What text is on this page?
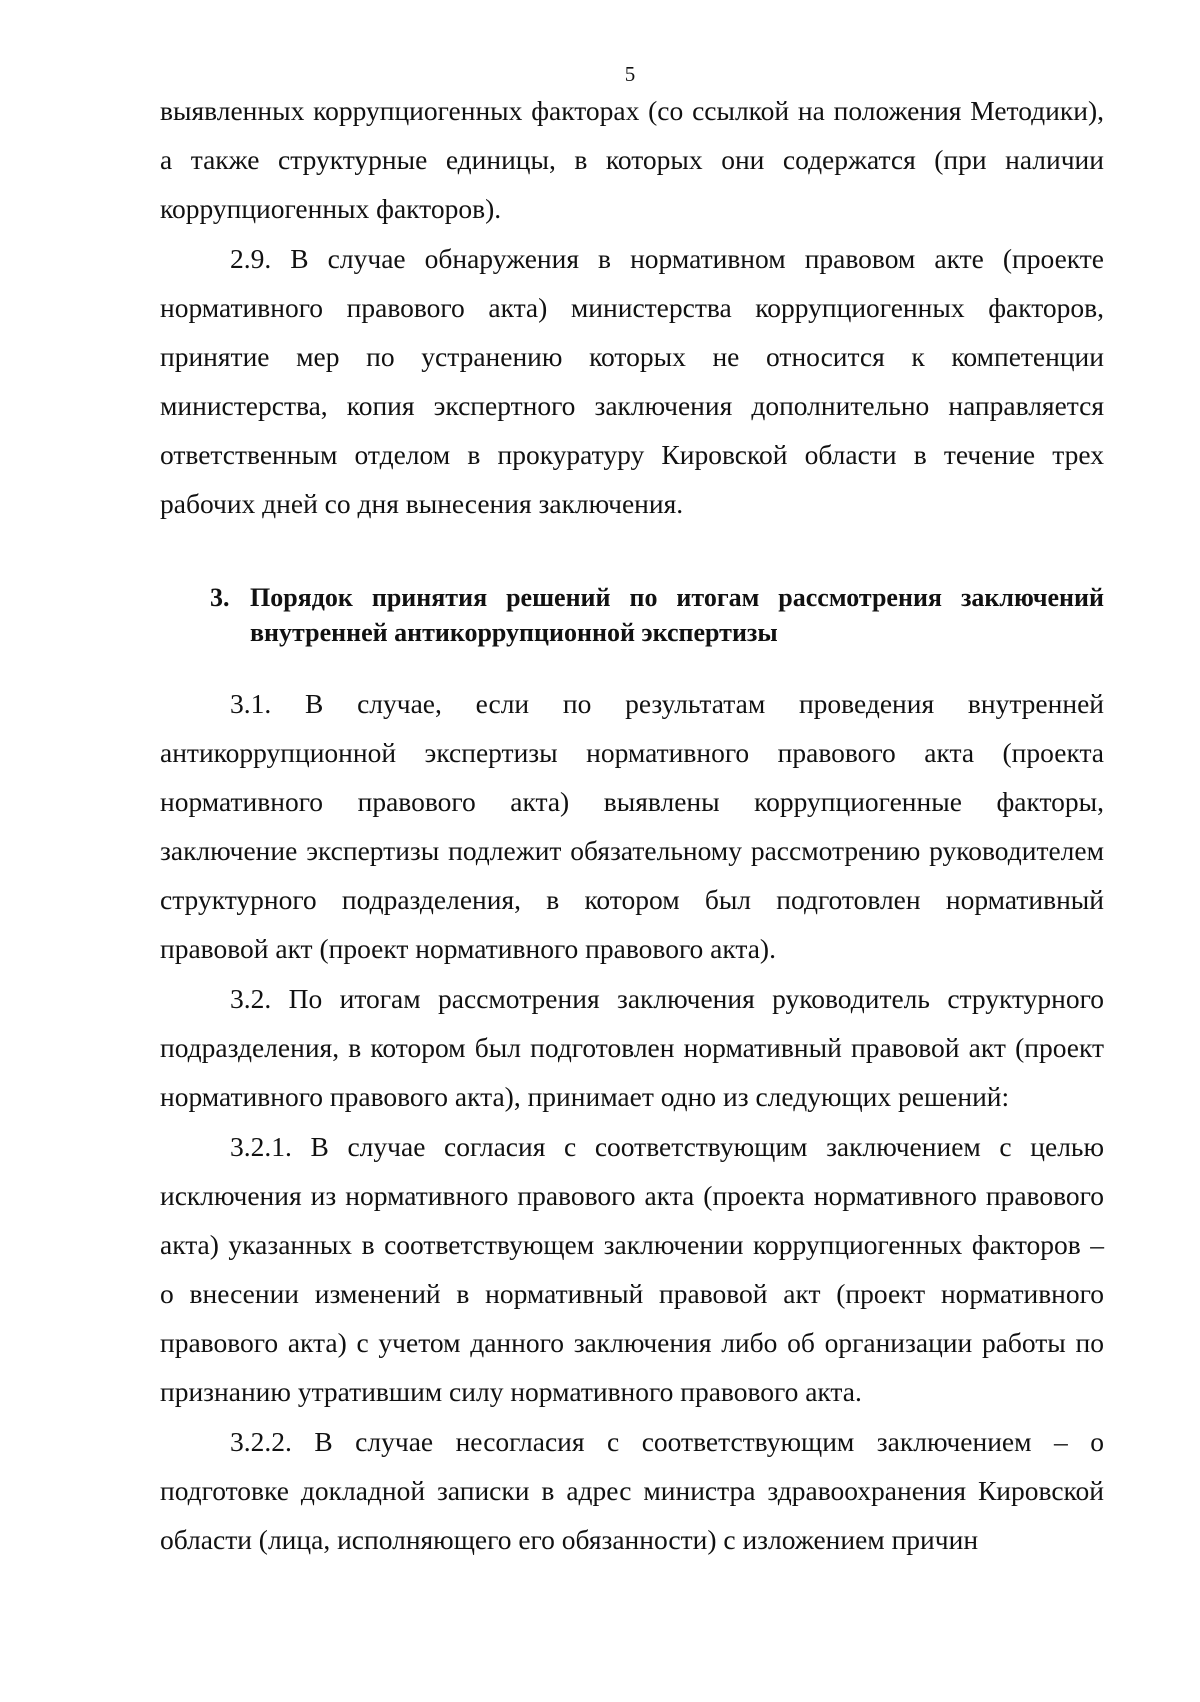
5

выявленных коррупциогенных факторах (со ссылкой на положения Методики), а также структурные единицы, в которых они содержатся (при наличии коррупциогенных факторов).

2.9. В случае обнаружения в нормативном правовом акте (проекте нормативного правового акта) министерства коррупциогенных факторов, принятие мер по устранению которых не относится к компетенции министерства, копия экспертного заключения дополнительно направляется ответственным отделом в прокуратуру Кировской области в течение трех рабочих дней со дня вынесения заключения.

3. Порядок принятия решений по итогам рассмотрения заключений внутренней антикоррупционной экспертизы

3.1. В случае, если по результатам проведения внутренней антикоррупционной экспертизы нормативного правового акта (проекта нормативного правового акта) выявлены коррупциогенные факторы, заключение экспертизы подлежит обязательному рассмотрению руководителем структурного подразделения, в котором был подготовлен нормативный правовой акт (проект нормативного правового акта).

3.2. По итогам рассмотрения заключения руководитель структурного подразделения, в котором был подготовлен нормативный правовой акт (проект нормативного правового акта), принимает одно из следующих решений:

3.2.1. В случае согласия с соответствующим заключением с целью исключения из нормативного правового акта (проекта нормативного правового акта) указанных в соответствующем заключении коррупциогенных факторов – о внесении изменений в нормативный правовой акт (проект нормативного правового акта) с учетом данного заключения либо об организации работы по признанию утратившим силу нормативного правового акта.

3.2.2. В случае несогласия с соответствующим заключением – о подготовке докладной записки в адрес министра здравоохранения Кировской области (лица, исполняющего его обязанности) с изложением причин
